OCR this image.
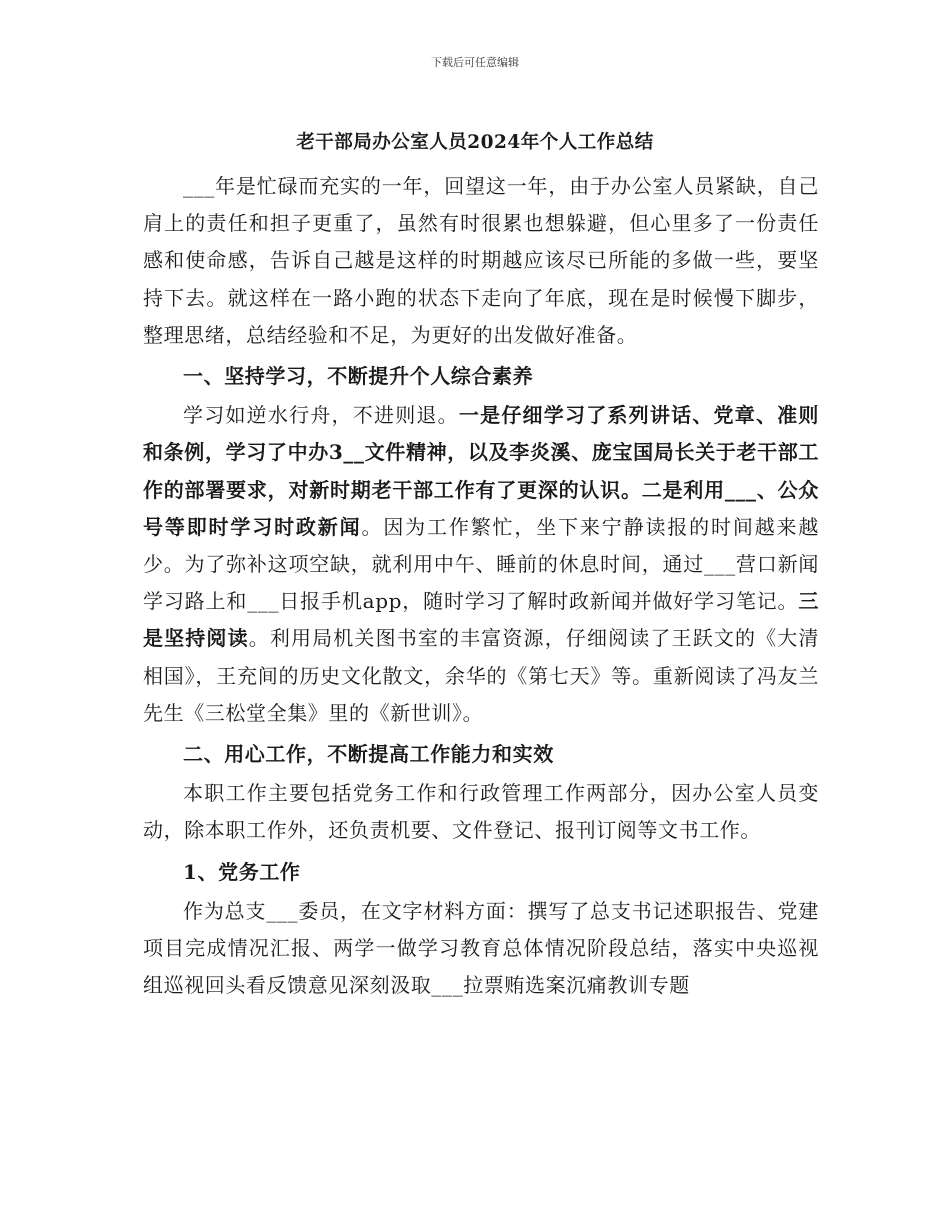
下载后可任意编辑
老干部局办公室人员2024年个人工作总结

___年是忙碌而充实的一年，回望这一年，由于办公室人员紧缺，自己肩上的责任和担子更重了，虽然有时很累也想躲避，但心里多了一份责任感和使命感，告诉自己越是这样的时期越应该尽已所能的多做一些，要坚持下去。就这样在一路小跑的状态下走向了年底，现在是时候慢下脚步，整理思绪，总结经验和不足，为更好的出发做好准备。

一、坚持学习，不断提升个人综合素养

学习如逆水行舟，不进则退。一是仔细学习了系列讲话、党章、准则和条例，学习了中办3__文件精神，以及李炎溪、庞宝国局长关于老干部工作的部署要求，对新时期老干部工作有了更深的认识。二是利用___、公众号等即时学习时政新闻。因为工作繁忙，坐下来宁静读报的时间越来越少。为了弥补这项空缺，就利用中午、睡前的休息时间，通过___营口新闻学习路上和___日报手机app，随时学习了解时政新闻并做好学习笔记。三是坚持阅读。利用局机关图书室的丰富资源，仔细阅读了王跃文的《大清相国》，王充间的历史文化散文，余华的《第七天》等。重新阅读了冯友兰先生《三松堂全集》里的《新世训》。

二、用心工作，不断提高工作能力和实效

本职工作主要包括党务工作和行政管理工作两部分，因办公室人员变动，除本职工作外，还负责机要、文件登记、报刊订阅等文书工作。

1、党务工作

作为总支___委员，在文字材料方面：撰写了总支书记述职报告、党建项目完成情况汇报、两学一做学习教育总体情况阶段总结，落实中央巡视组巡视回头看反馈意见深刻汲取___拉票贿选案沉痛教训专题
